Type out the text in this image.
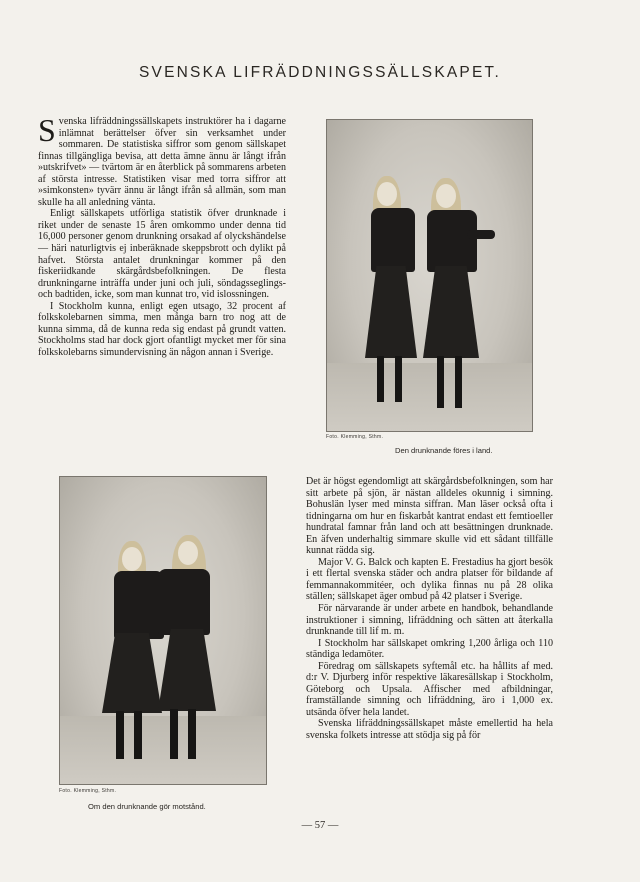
SVENSKA LIFRÄDDNINGSSÄLLSKAPET.

Svenska lifräddningssällskapets instruktörer ha i dagarne inlämnat berättelser öfver sin verksamhet under sommaren. De statistiska siffror som genom sällskapet finnas tillgängliga bevisa, att detta ämne ännu är långt ifrån »utskrifvet» — tvärtom är en återblick på sommarens arbeten af största intresse. Statistiken visar med torra siffror att »simkonsten» tyvärr ännu är långt ifrån så allmän, som man skulle ha all anledning vänta.

Enligt sällskapets utförliga statistik öfver drunknade i riket under de senaste 15 åren omkommo under denna tid 16,000 personer genom drunkning orsakad af olyckshändelse — häri naturligtvis ej inberäknade skeppsbrott och dylikt på hafvet. Största antalet drunkningar kommer på den fiskeriidkande skärgårdsbefolkningen. De flesta drunkningarne inträffa under juni och juli, söndagsseglings- och badtiden, icke, som man kunnat tro, vid islossningen.

I Stockholm kunna, enligt egen utsago, 32 procent af folkskolebarnen simma, men många barn tro nog att de kunna simma, då de kunna reda sig endast på grundt vatten. Stockholms stad har dock gjort ofantligt mycket mer för sina folkskolebarns simundervisning än någon annan i Sverige.

Foto. Klemming, Sthm.
Den drunknande föres i land.
Foto. Klemming, Sthm.
Om den drunknande gör motstånd.

Det är högst egendomligt att skärgårdsbefolkningen, som har sitt arbete på sjön, är nästan alldeles okunnig i simning. Bohuslän lyser med minsta siffran. Man läser också ofta i tidningarna om hur en fiskarbåt kantrat endast ett femtioeller hundratal famnar från land och att besättningen drunknade. En äfven underhaltig simmare skulle vid ett sådant tillfälle kunnat rädda sig.

Major V. G. Balck och kapten E. Frestadius ha gjort besök i ett flertal svenska städer och andra platser för bildande af femmannakommitéer, och dylika finnas nu på 28 olika ställen; sällskapet äger ombud på 42 platser i Sverige.

För närvarande är under arbete en handbok, behandlande instruktioner i simning, lifräddning och sätten att återkalla drunknande till lif m. m.

I Stockholm har sällskapet omkring 1,200 årliga och 110 ständiga ledamöter.

Föredrag om sällskapets syftemål etc. ha hållits af med. d:r V. Djurberg inför respektive läkaresällskap i Stockholm, Göteborg och Upsala. Affischer med afbildningar, framställande simning och lifräddning, äro i 1,000 ex. utsända öfver hela landet.

Svenska lifräddningssällskapet måste emellertid ha hela svenska folkets intresse att stödja sig på för

— 57 —
